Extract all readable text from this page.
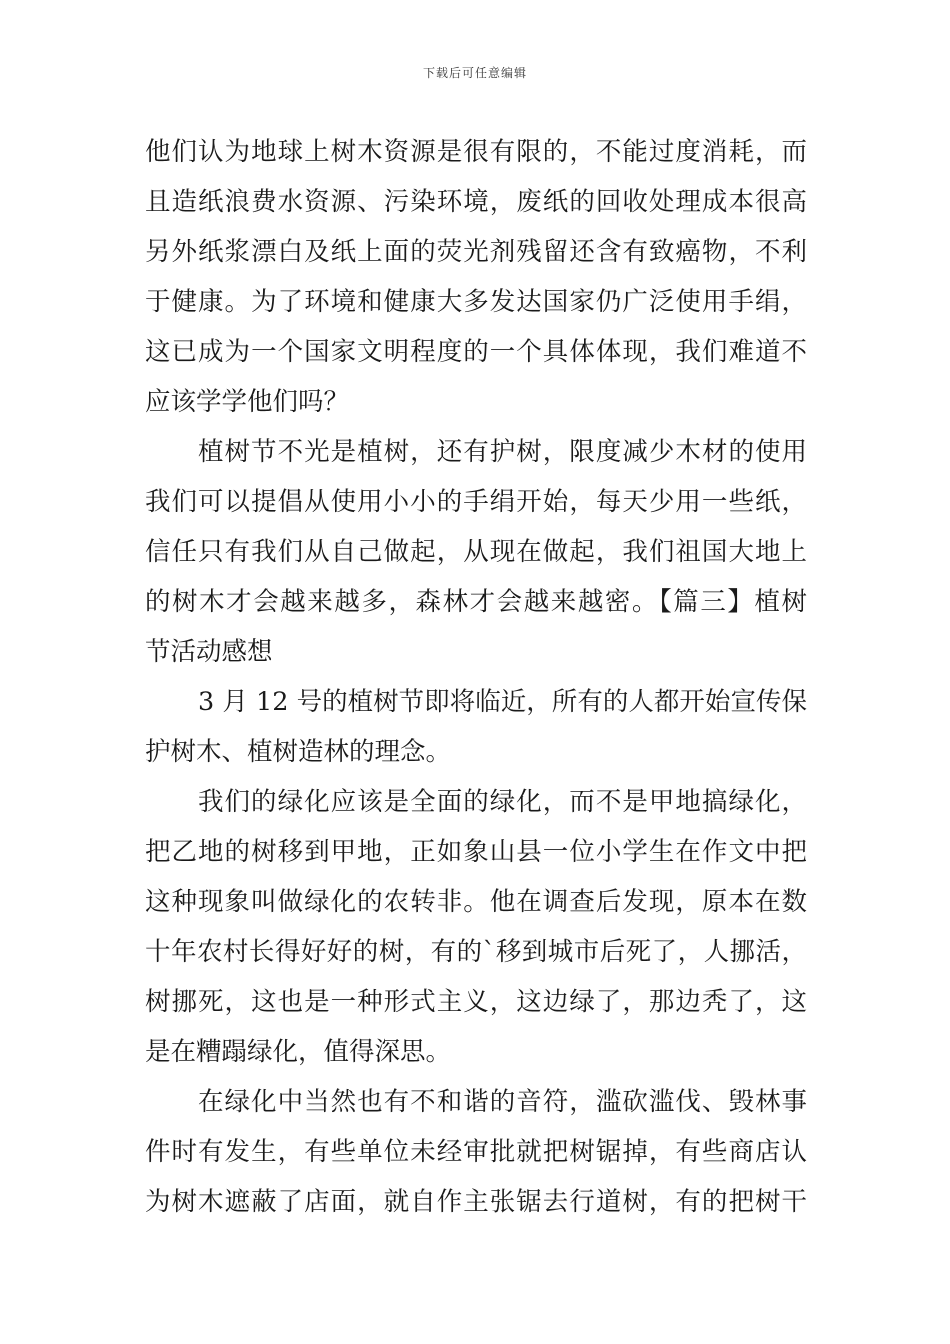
下载后可任意编辑
他们认为地球上树木资源是很有限的，不能过度消耗，而
且造纸浪费水资源、污染环境，废纸的回收处理成本很高
另外纸浆漂白及纸上面的荧光剂残留还含有致癌物，不利
于健康。为了环境和健康大多发达国家仍广泛使用手绢，
这已成为一个国家文明程度的一个具体体现，我们难道不
应该学学他们吗？
植树节不光是植树，还有护树，限度减少木材的使用
我们可以提倡从使用小小的手绢开始，每天少用一些纸，
信任只有我们从自己做起，从现在做起，我们祖国大地上
的树木才会越来越多，森林才会越来越密。【篇三】植树
节活动感想
3 月 12 号的植树节即将临近，所有的人都开始宣传保
护树木、植树造林的理念。
我们的绿化应该是全面的绿化，而不是甲地搞绿化，
把乙地的树移到甲地，正如象山县一位小学生在作文中把
这种现象叫做绿化的农转非。他在调查后发现，原本在数
十年农村长得好好的树，有的`移到城市后死了，人挪活，
树挪死，这也是一种形式主义，这边绿了，那边秃了，这
是在糟蹋绿化，值得深思。
在绿化中当然也有不和谐的音符，滥砍滥伐、毁林事
件时有发生，有些单位未经审批就把树锯掉，有些商店认
为树木遮蔽了店面，就自作主张锯去行道树，有的把树干
